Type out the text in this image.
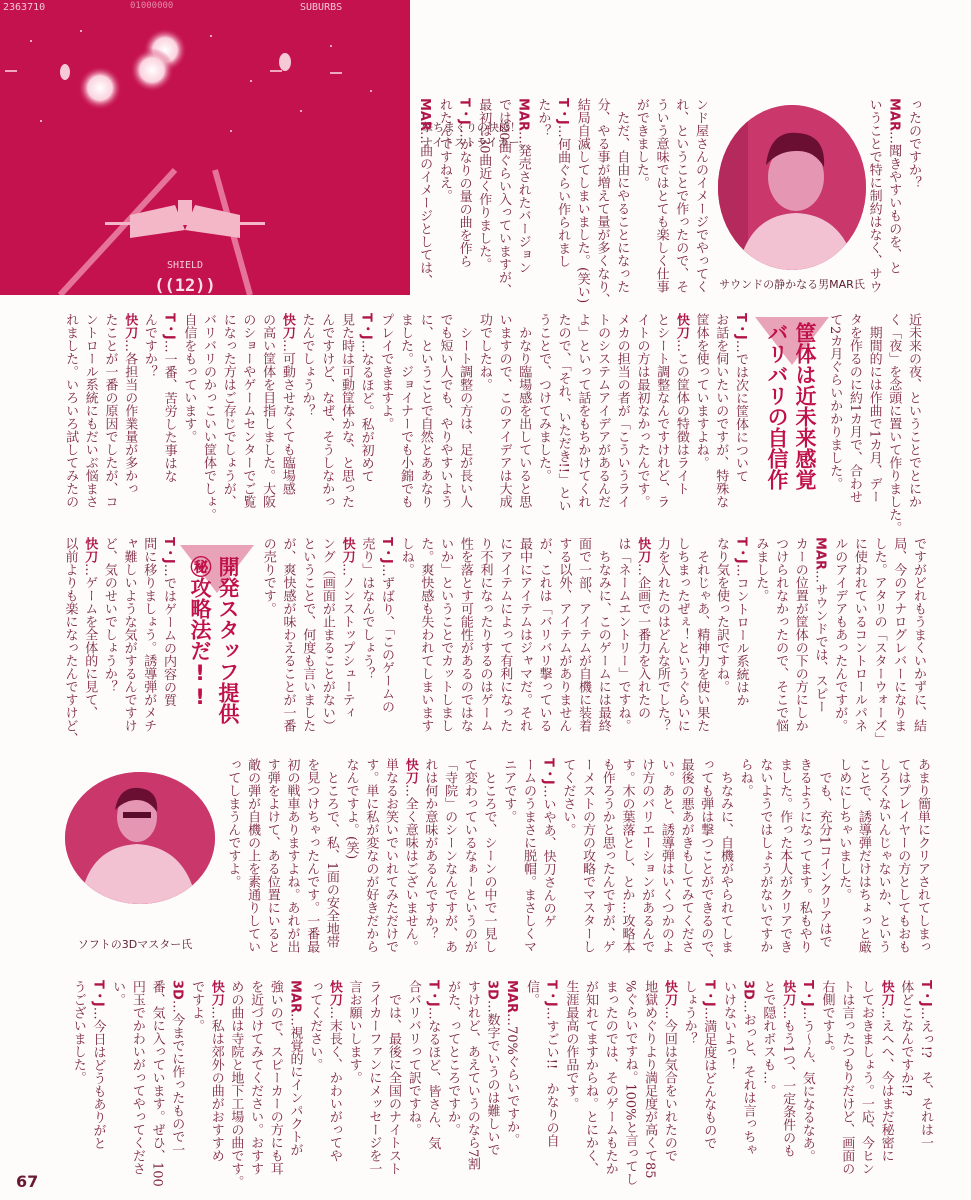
2363710	01000000	SUBURBS
SHIELD
((12))
撃ちまくりの快感！
ナイトストライカー。	ったのですか？
MAR…聞きやすいものを、と
いうことで特に制約はなく、サウ
サウンドの静かなる男MAR氏
ンド屋さんのイメージでやってく
れ、ということで作ったので、そ
ういう意味ではとても楽しく仕事
ができました。
　ただ、自由にやることになった
分、やる事が増えて量が多くなり、
結局自滅してしまいました。(笑い)
T・J…何曲ぐらい作られまし
たか？
MAR…発売されたバージョン
では20曲ぐらい入っていますが、
最初は30曲近く作りました。
T・J…かなりの量の曲を作ら
れたんですねえ。
MAR…曲のイメージとしては、
近未来の夜、ということでとにか
く「夜」を念頭に置いて作りました。
　期間的には作曲で1カ月、デー
タを作るのに約1カ月で、合わせ
て2カ月ぐらいかかりました。
筐体は近未来感覚
バリバリの自信作
T・J…では次に筐体について
お話を伺いたいのですが、特殊な
筐体を使っていますよね。
快刀…この筐体の特徴はライト
とシート調整なんですけれど、ラ
イトの方は最初なかったんです。
メカの担当の者が「こういうライ
トのシステムアイデアがあるんだ
よ」といって話をもちかけてくれ
たので、「それ、いただき!!」とい
うことで、つけてみました。
　かなり臨場感を出していると思
いますので、このアイデアは大成
功でしたね。
　シート調整の方は、足が長い人
でも短い人でも、やりやすいよう
に、ということで自然とああなり
ました。ジョイナーでも小錦でも
プレイできますよ。
T・J…なるほど。私が初めて
見た時は可動筐体かな、と思った
んですけど、なぜ、そうしなかっ
たんでしょうか？
快刀…可動させなくても臨場感
の高い筐体を目指しました。大阪
のショーやゲームセンターでご覧
になった方はご存じでしょうが、
バリバリのかっこいい筐体でしょ。
自信をもっています。
T・J…一番、苦労した事はな
んですか？
快刀…各担当の作業量が多かっ
たことが一番の原因でしたが、コ
ントロール系統にもだいぶ悩まさ
れました。いろいろ試してみたの
ですがどれもうまくいかずに、結
局、今のアナログレバーになりま
した。アタリの「スターウォーズ」
に使われているコントロールパネ
ルのアイデアもあったんですが。
MAR…サウンドでは、スピー
カーの位置が筐体の下の方にしか
つけられなかったので、そこで悩
みました。
T・J…コントロール系統はか
なり気を使った訳ですね。
　それじゃあ、精神力を使い果た
しちまったぜぇ！というぐらいに
力を入れたのはどんな所でした？
快刀…企画で一番力を入れたの
は「ネームエントリー」ですね。
　ちなみに、このゲームには最終
面で一部、アイテムが自機に装着
する以外、アイテムがありません
が、これは「バリバリ撃っている
最中にアイテムはジャマだ。それ
にアイテムによって有利になった
り不利になったりするのはゲーム
性を落とす可能性があるのではな
いか」ということでカットしまし
た。爽快感も失われてしまいます
しね。
T・J…ずばり、「このゲームの
売り」はなんでしょう？
快刀…ノンストップシューティ
ング（画面が止まることがない）
ということで、何度も言いました
が、爽快感が味わえることが一番
の売りです。
開発スタッフ提供
㊙攻略法だ!!
T・J…ではゲームの内容の質
問に移りましょう。誘導弾がメチ
ャ難しいような気がするんですけ
ど、気のせいでしょうか？
快刀…ゲームを全体的に見て、
以前よりも楽になったんですけど、
あまり簡単にクリアされてしまっ
てはプレイヤーの方としてもおも
しろくないんじゃないか、という
ことで、誘導弾だけはちょっと厳
しめにしちゃいました。
　でも、充分1コインクリアはで
きるようになってます。私もやり
ました。作った本人がクリアでき
ないようではしょうがないですか
らね。
　ちなみに、自機がやられてしま
っても弾は撃つことができるので、
最後の悪あがきもしてみてくださ
い。あと、誘導弾はいくつかのよ
け方のバリエーションがあるんで
す。木の葉落とし、とか…攻略本
も作ろうかと思ったんですが、ゲ
ーメストの方の攻略でマスターし
てください。
T・J…いやあ、快刀さんのゲ
ームのうまさに脱帽。まさしくマ
ニアです。
　ところで、シーンの中で一見し
て変わっているなぁーというのが
「寺院」のシーンなんですが、あ
れは何か意味があるんですか？
快刀…全く意味はございません。
単なるお笑いでいれてみただけで
す。単に私が変なのが好きだから
なんですよ。(笑)
　ところで、私、1面の安全地帯
を見つけちゃったんです。一番最
初の戦車ありますよね。あれが出
す弾をよけて、ある位置にいると
敵の弾が自機の上を素通りしてい
ってしまうんですよ。
ソフトの3Dマスター氏
T・J…えっ!?　そ、それは一
体どこなんですか!?
快刀…えへへ、今はまだ秘密に
しておきましょう。一応、今ヒン
トは言ったつもりだけど、画面の
右側ですよ。
T・J…う～ん、気になるなあ。
快刀…もう1つ、一定条件のも
とで隠れボスも…。
3D…おっと、それは言っちゃ
いけないよっ！
T・J…満足度はどんなもので
しょうか？
快刀…今回は気合をいれたので
地獄めぐりより満足度が高くて85
%ぐらいですね。100%と言ってし
まったのでは、そのゲームもたか
が知れてますからね。とにかく、
生涯最高の作品です。
T・J…すごい!!　かなりの自
信。
MAR…70%ぐらいですか。
3D…数字でいうのは難しいで
すけれど、あえていうのなら7割
がた、ってところですか。
T・J…なるほど、皆さん、気
合バリバリって訳ですね。
　では、最後に全国のナイトスト
ライカーファンにメッセージを一
言お願いします。
快刀…末長く、かわいがってや
ってください。
MAR…視覚的にインパクトが
強いので、スピーカーの方にも耳
を近づけてみてください。おすす
めの曲は寺院と地下工場の曲です。
快刀…私は郊外の曲がおすすめ
ですよ。
3D…今までに作ったもので一
番、気に入っています。ぜひ、100
円玉でかわいがってやってくださ
い。
T・J…今日はどうもありがと
うございました。
67
